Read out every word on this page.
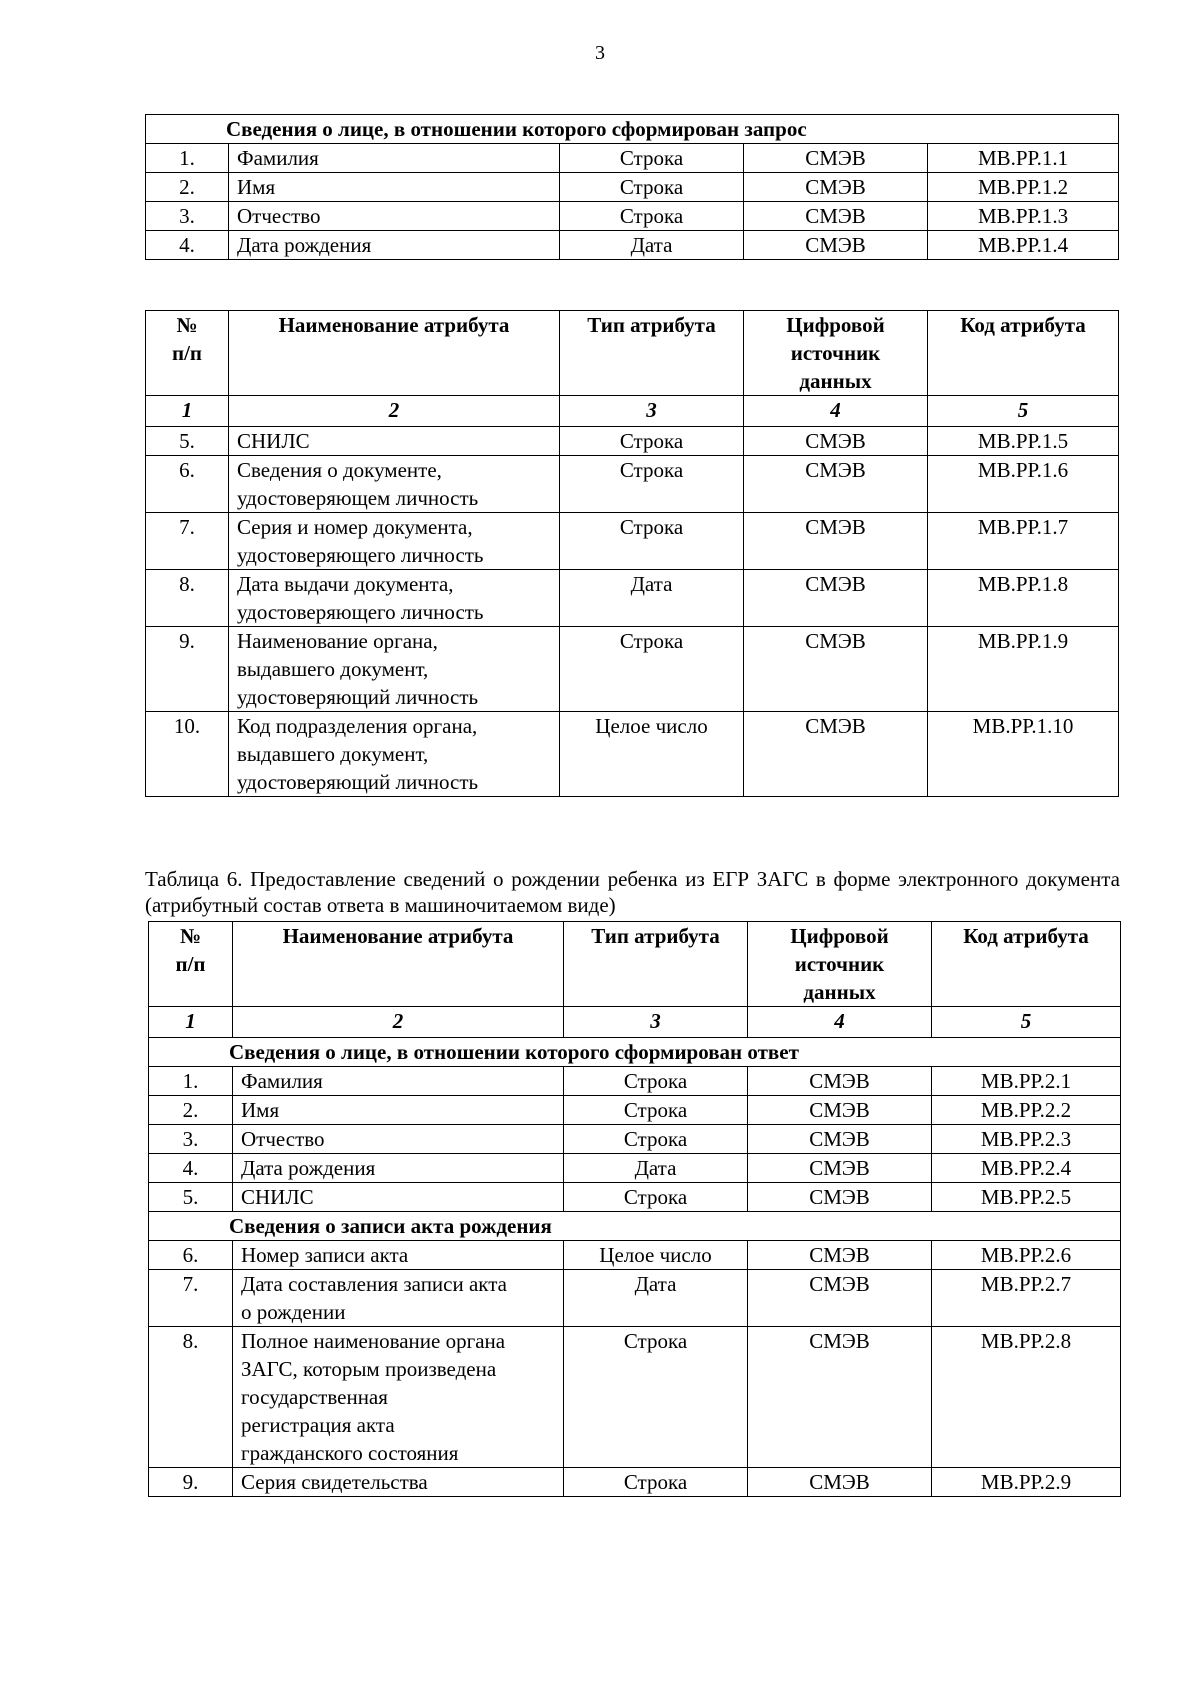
3
Сведения о лице, в отношении которого сформирован запрос				
1.	Фамилия	Строка	СМЭВ	МВ.РР.1.1
2.	Имя	Строка	СМЭВ	МВ.РР.1.2
3.	Отчество	Строка	СМЭВ	МВ.РР.1.3
4.	Дата рождения	Дата	СМЭВ	МВ.РР.1.4
№
п/п	Наименование атрибута	Тип атрибута	Цифровой
источник
данных	Код атрибута
1	2	3	4	5
5.	СНИЛС	Строка	СМЭВ	МВ.РР.1.5
6.	Сведения о документе,
удостоверяющем личность	Строка	СМЭВ	МВ.РР.1.6
7.	Серия и номер документа,
удостоверяющего личность	Строка	СМЭВ	МВ.РР.1.7
8.	Дата выдачи документа,
удостоверяющего личность	Дата	СМЭВ	МВ.РР.1.8
9.	Наименование органа,
выдавшего документ,
удостоверяющий личность	Строка	СМЭВ	МВ.РР.1.9
10.	Код подразделения органа,
выдавшего документ,
удостоверяющий личность	Целое число	СМЭВ	МВ.РР.1.10
Таблица 6. Предоставление сведений о рождении ребенка из ЕГР ЗАГС в форме электронного документа (атрибутный состав ответа в машиночитаемом виде)
№
п/п	Наименование атрибута	Тип атрибута	Цифровой
источник
данных	Код атрибута
1	2	3	4	5
Сведения о лице, в отношении которого сформирован ответ				
1.	Фамилия	Строка	СМЭВ	МВ.РР.2.1
2.	Имя	Строка	СМЭВ	МВ.РР.2.2
3.	Отчество	Строка	СМЭВ	МВ.РР.2.3
4.	Дата рождения	Дата	СМЭВ	МВ.РР.2.4
5.	СНИЛС	Строка	СМЭВ	МВ.РР.2.5
Сведения о записи акта рождения				
6.	Номер записи акта	Целое число	СМЭВ	МВ.РР.2.6
7.	Дата составления записи акта
о рождении	Дата	СМЭВ	МВ.РР.2.7
8.	Полное наименование органа
ЗАГС, которым произведена
государственная
регистрация акта
гражданского состояния	Строка	СМЭВ	МВ.РР.2.8
9.	Серия свидетельства	Строка	СМЭВ	МВ.РР.2.9
